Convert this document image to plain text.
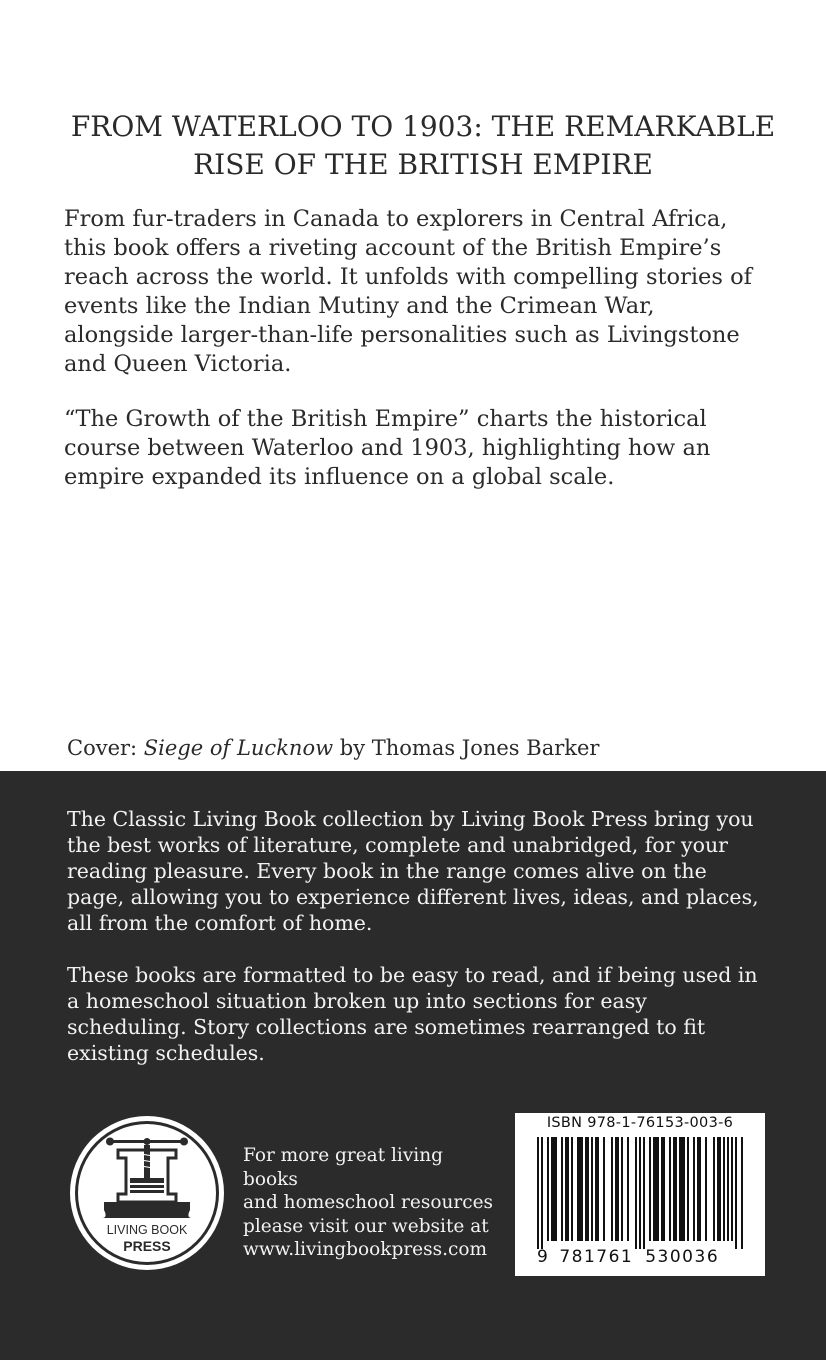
FROM WATERLOO TO 1903: THE REMARKABLE
RISE OF THE BRITISH EMPIRE

From fur-traders in Canada to explorers in Central Africa, this book offers a riveting account of the British Empire’s reach across the world. It unfolds with compelling stories of events like the Indian Mutiny and the Crimean War, alongside larger-than-life personalities such as Livingstone and Queen Victoria.

“The Growth of the British Empire” charts the historical course between Waterloo and 1903, highlighting how an empire expanded its influence on a global scale.

Cover: Siege of Lucknow by Thomas Jones Barker

The Classic Living Book collection by Living Book Press bring you the best works of literature, complete and unabridged, for your reading pleasure. Every book in the range comes alive on the page, allowing you to experience different lives, ideas, and places, all from the comfort of home.

These books are formatted to be easy to read, and if being used in a homeschool situation broken up into sections for easy scheduling. Story collections are sometimes rearranged to fit existing schedules.

LIVING BOOK
PRESS
For more great living books
and homeschool resources
please visit our website at
www.livingbookpress.com
ISBN 978-1-76153-003-6
9 781761 530036
